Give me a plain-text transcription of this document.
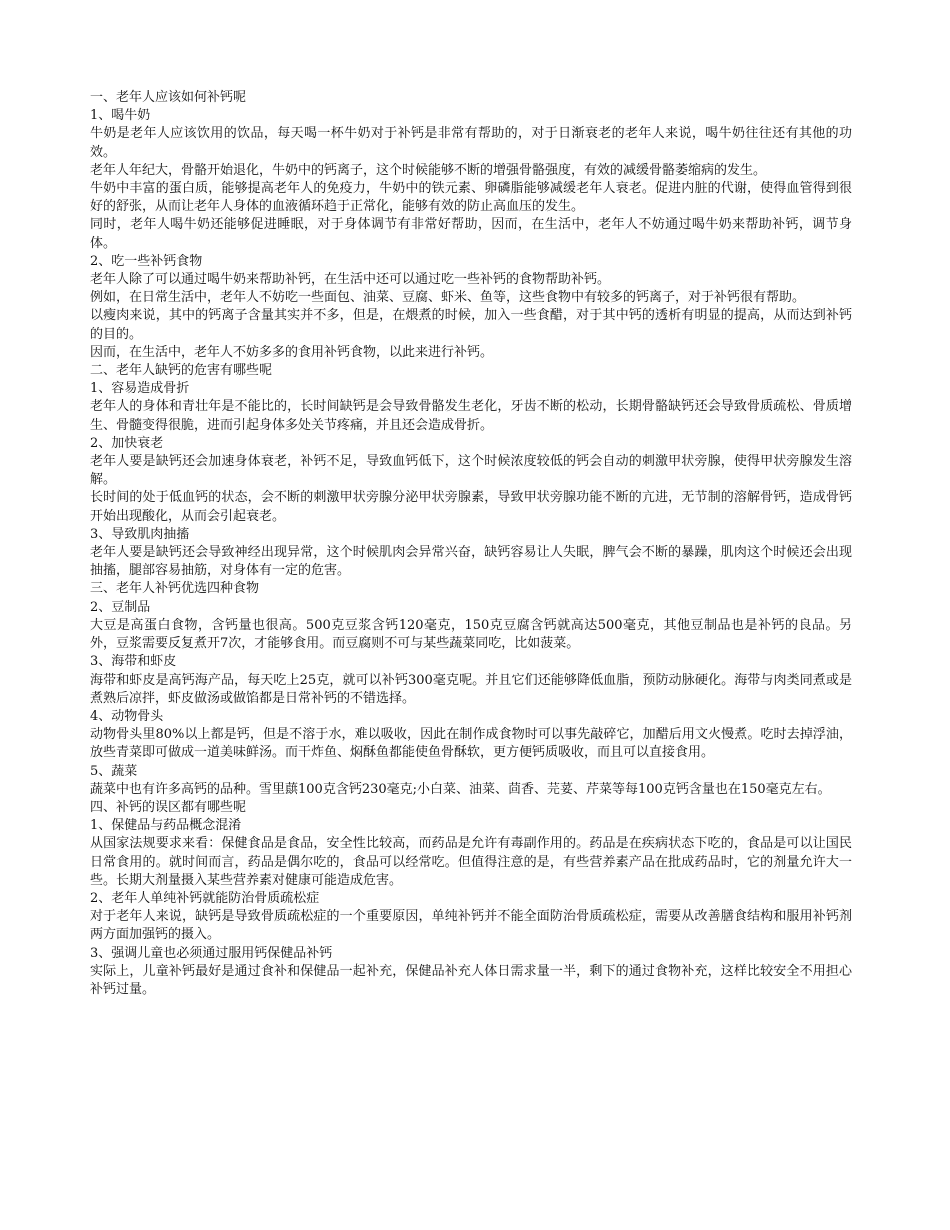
一、老年人应该如何补钙呢

1、喝牛奶

牛奶是老年人应该饮用的饮品，每天喝一杯牛奶对于补钙是非常有帮助的，对于日渐衰老的老年人来说，喝牛奶往往还有其他的功效。

老年人年纪大，骨骼开始退化，牛奶中的钙离子，这个时候能够不断的增强骨骼强度，有效的减缓骨骼萎缩病的发生。

牛奶中丰富的蛋白质，能够提高老年人的免疫力，牛奶中的铁元素、卵磷脂能够减缓老年人衰老。促进内脏的代谢，使得血管得到很好的舒张，从而让老年人身体的血液循环趋于正常化，能够有效的防止高血压的发生。

同时，老年人喝牛奶还能够促进睡眠，对于身体调节有非常好帮助，因而，在生活中，老年人不妨通过喝牛奶来帮助补钙，调节身体。

2、吃一些补钙食物

老年人除了可以通过喝牛奶来帮助补钙，在生活中还可以通过吃一些补钙的食物帮助补钙。

例如，在日常生活中，老年人不妨吃一些面包、油菜、豆腐、虾米、鱼等，这些食物中有较多的钙离子，对于补钙很有帮助。

以瘦肉来说，其中的钙离子含量其实并不多，但是，在煨煮的时候，加入一些食醋，对于其中钙的透析有明显的提高，从而达到补钙的目的。

因而，在生活中，老年人不妨多多的食用补钙食物，以此来进行补钙。

二、老年人缺钙的危害有哪些呢

1、容易造成骨折

老年人的身体和青壮年是不能比的，长时间缺钙是会导致骨骼发生老化，牙齿不断的松动，长期骨骼缺钙还会导致骨质疏松、骨质增生、骨髓变得很脆，进而引起身体多处关节疼痛，并且还会造成骨折。

2、加快衰老

老年人要是缺钙还会加速身体衰老，补钙不足，导致血钙低下，这个时候浓度较低的钙会自动的刺激甲状旁腺，使得甲状旁腺发生溶解。

长时间的处于低血钙的状态，会不断的刺激甲状旁腺分泌甲状旁腺素，导致甲状旁腺功能不断的亢进，无节制的溶解骨钙，造成骨钙开始出现酸化，从而会引起衰老。

3、导致肌肉抽搐

老年人要是缺钙还会导致神经出现异常，这个时候肌肉会异常兴奋，缺钙容易让人失眠，脾气会不断的暴躁，肌肉这个时候还会出现抽搐，腿部容易抽筋，对身体有一定的危害。

三、老年人补钙优选四种食物

2、豆制品

大豆是高蛋白食物，含钙量也很高。500克豆浆含钙120毫克，150克豆腐含钙就高达500毫克，其他豆制品也是补钙的良品。另外，豆浆需要反复煮开7次，才能够食用。而豆腐则不可与某些蔬菜同吃，比如菠菜。

3、海带和虾皮

海带和虾皮是高钙海产品，每天吃上25克，就可以补钙300毫克呢。并且它们还能够降低血脂，预防动脉硬化。海带与肉类同煮或是煮熟后凉拌，虾皮做汤或做馅都是日常补钙的不错选择。

4、动物骨头

动物骨头里80%以上都是钙，但是不溶于水，难以吸收，因此在制作成食物时可以事先敲碎它，加醋后用文火慢煮。吃时去掉浮油，放些青菜即可做成一道美味鲜汤。而干炸鱼、焖酥鱼都能使鱼骨酥软，更方便钙质吸收，而且可以直接食用。

5、蔬菜

蔬菜中也有许多高钙的品种。雪里蕻100克含钙230毫克;小白菜、油菜、茴香、芫荽、芹菜等每100克钙含量也在150毫克左右。

四、补钙的误区都有哪些呢

1、保健品与药品概念混淆

从国家法规要求来看：保健食品是食品，安全性比较高，而药品是允许有毒副作用的。药品是在疾病状态下吃的，食品是可以让国民日常食用的。就时间而言，药品是偶尔吃的，食品可以经常吃。但值得注意的是，有些营养素产品在批成药品时，它的剂量允许大一些。长期大剂量摄入某些营养素对健康可能造成危害。

2、老年人单纯补钙就能防治骨质疏松症

对于老年人来说，缺钙是导致骨质疏松症的一个重要原因，单纯补钙并不能全面防治骨质疏松症，需要从改善膳食结构和服用补钙剂两方面加强钙的摄入。

3、强调儿童也必须通过服用钙保健品补钙

实际上，儿童补钙最好是通过食补和保健品一起补充，保健品补充人体日需求量一半，剩下的通过食物补充，这样比较安全不用担心补钙过量。
